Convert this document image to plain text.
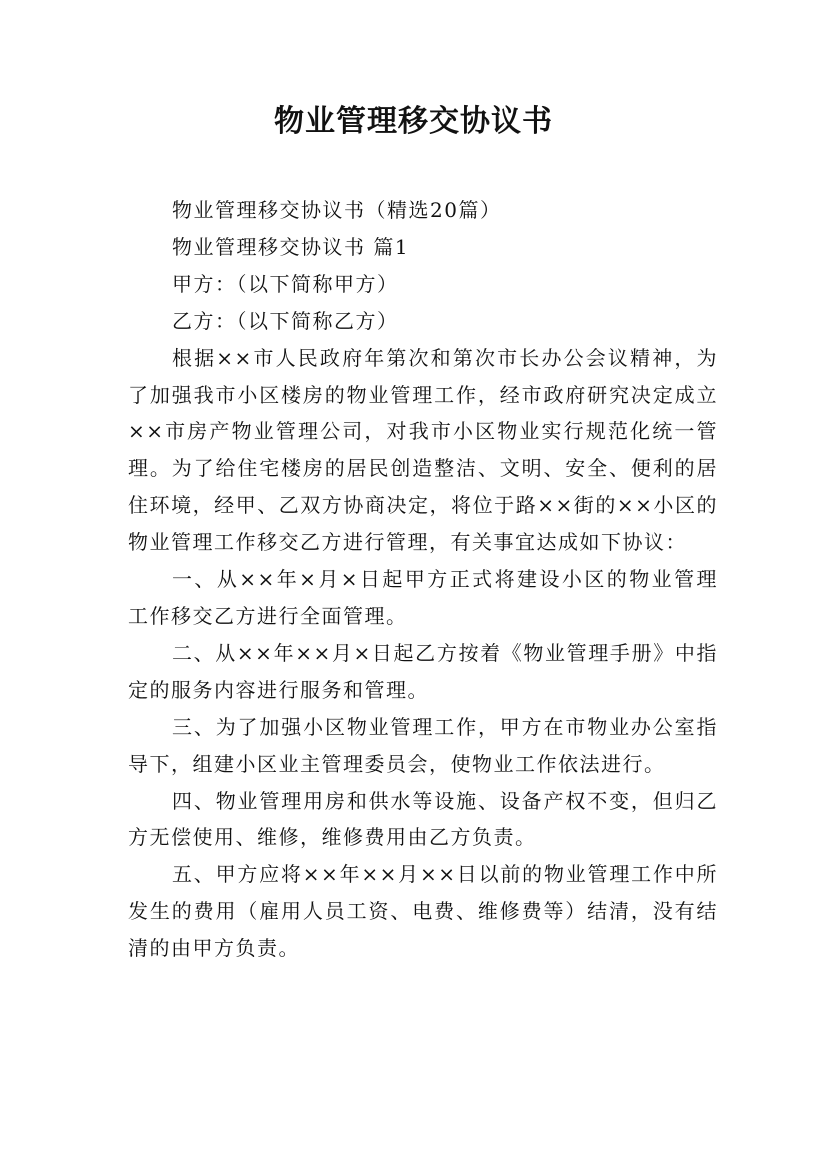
物业管理移交协议书

物业管理移交协议书（精选20篇）

物业管理移交协议书 篇1

甲方：（以下简称甲方）

乙方：（以下简称乙方）

根据××市人民政府年第次和第次市长办公会议精神，为了加强我市小区楼房的物业管理工作，经市政府研究决定成立××市房产物业管理公司，对我市小区物业实行规范化统一管理。为了给住宅楼房的居民创造整洁、文明、安全、便利的居住环境，经甲、乙双方协商决定，将位于路××街的××小区的物业管理工作移交乙方进行管理，有关事宜达成如下协议：

一、从××年×月×日起甲方正式将建设小区的物业管理工作移交乙方进行全面管理。

二、从××年××月×日起乙方按着《物业管理手册》中指定的服务内容进行服务和管理。

三、为了加强小区物业管理工作，甲方在市物业办公室指导下，组建小区业主管理委员会，使物业工作依法进行。

四、物业管理用房和供水等设施、设备产权不变，但归乙方无偿使用、维修，维修费用由乙方负责。

五、甲方应将××年××月××日以前的物业管理工作中所发生的费用（雇用人员工资、电费、维修费等）结清，没有结清的由甲方负责。
